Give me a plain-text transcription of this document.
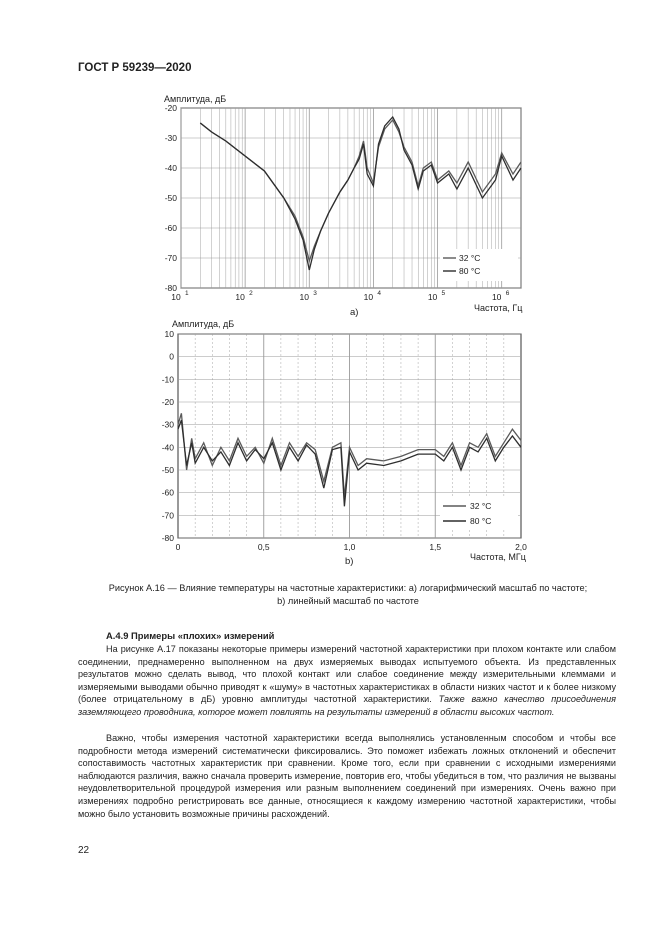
ГОСТ Р 59239—2020
Амплитуда, дБ
Частота, Гц
a)
-20
-30
-40
-50
-60
-70
-80
10 1	10 2	10 3	10 4	10 5	10 6
32 °C
80 °C
Амплитуда, дБ
Частота, МГц
b)
10
0
-10
-20
-30
-40
-50
-60
-70
-80
0	0,5	1,0	1,5	2,0
32 °C
80 °C
Рисунок А.16 — Влияние температуры на частотные характеристики: а) логарифмический масштаб по частоте;
b) линейный масштаб по частоте
А.4.9 Примеры «плохих» измерений

На рисунке А.17 показаны некоторые примеры измерений частотной характеристики при плохом контакте или слабом соединении, преднамеренно выполненном на двух измеряемых выводах испытуемого объекта. Из представленных результатов можно сделать вывод, что плохой контакт или слабое соединение между измерительными клеммами и измеряемыми выводами обычно приводят к «шуму» в частотных характеристиках в области низких частот и к более низкому (более отрицательному в дБ) уровню амплитуды частотной характеристики. Также важно качество присоединения заземляющего проводника, которое может повлиять на результаты измерений в области высоких частот.

Важно, чтобы измерения частотной характеристики всегда выполнялись установленным способом и чтобы все подробности метода измерений систематически фиксировались. Это поможет избежать ложных отклонений и обеспечит сопоставимость частотных характеристик при сравнении. Кроме того, если при сравнении с исходными измерениями наблюдаются различия, важно сначала проверить измерение, повторив его, чтобы убедиться в том, что различия не вызваны неудовлетворительной процедурой измерения или разным выполнением соединений при измерениях. Очень важно при измерениях подробно регистрировать все данные, относящиеся к каждому измерению частотной характеристики, чтобы можно было установить возможные причины расхождений.

22
